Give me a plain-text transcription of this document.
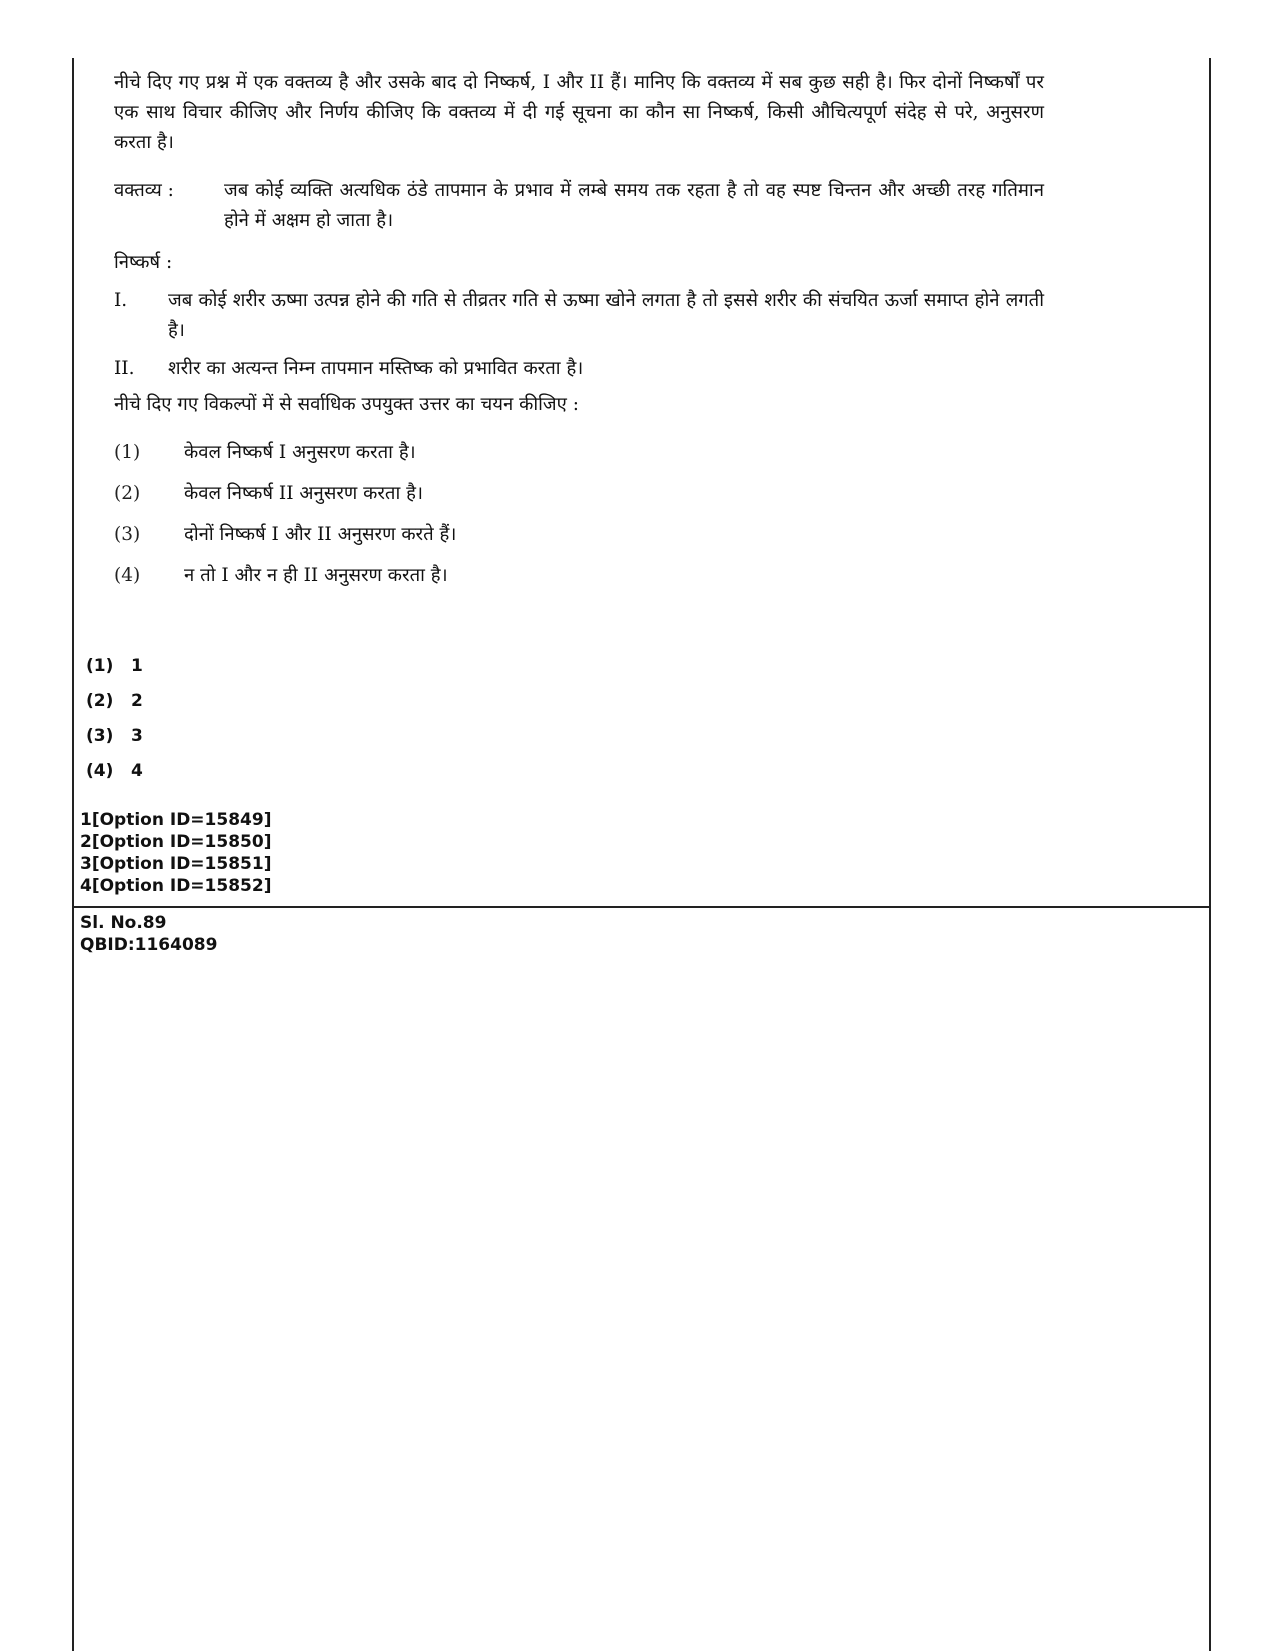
नीचे दिए गए प्रश्न में एक वक्तव्य है और उसके बाद दो निष्कर्ष, I और II हैं। मानिए कि वक्तव्य में सब कुछ सही है। फिर दोनों निष्कर्षों पर एक साथ विचार कीजिए और निर्णय कीजिए कि वक्तव्य में दी गई सूचना का कौन सा निष्कर्ष, किसी औचित्यपूर्ण संदेह से परे, अनुसरण करता है।

वक्तव्य :	जब कोई व्यक्ति अत्यधिक ठंडे तापमान के प्रभाव में लम्बे समय तक रहता है तो वह स्पष्ट चिन्तन और अच्छी तरह गतिमान होने में अक्षम हो जाता है।
निष्कर्ष :
I.	जब कोई शरीर ऊष्मा उत्पन्न होने की गति से तीव्रतर गति से ऊष्मा खोने लगता है तो इससे शरीर की संचयित ऊर्जा समाप्त होने लगती है।
II.	शरीर का अत्यन्त निम्न तापमान मस्तिष्क को प्रभावित करता है।
नीचे दिए गए विकल्पों में से सर्वाधिक उपयुक्त उत्तर का चयन कीजिए :
(1)	केवल निष्कर्ष I अनुसरण करता है।
(2)	केवल निष्कर्ष II अनुसरण करता है।
(3)	दोनों निष्कर्ष I और II अनुसरण करते हैं।
(4)	न तो I और न ही II अनुसरण करता है।
(1)	1
(2)	2
(3)	3
(4)	4
1[Option ID=15849]
2[Option ID=15850]
3[Option ID=15851]
4[Option ID=15852]
Sl. No.89
QBID:1164089
